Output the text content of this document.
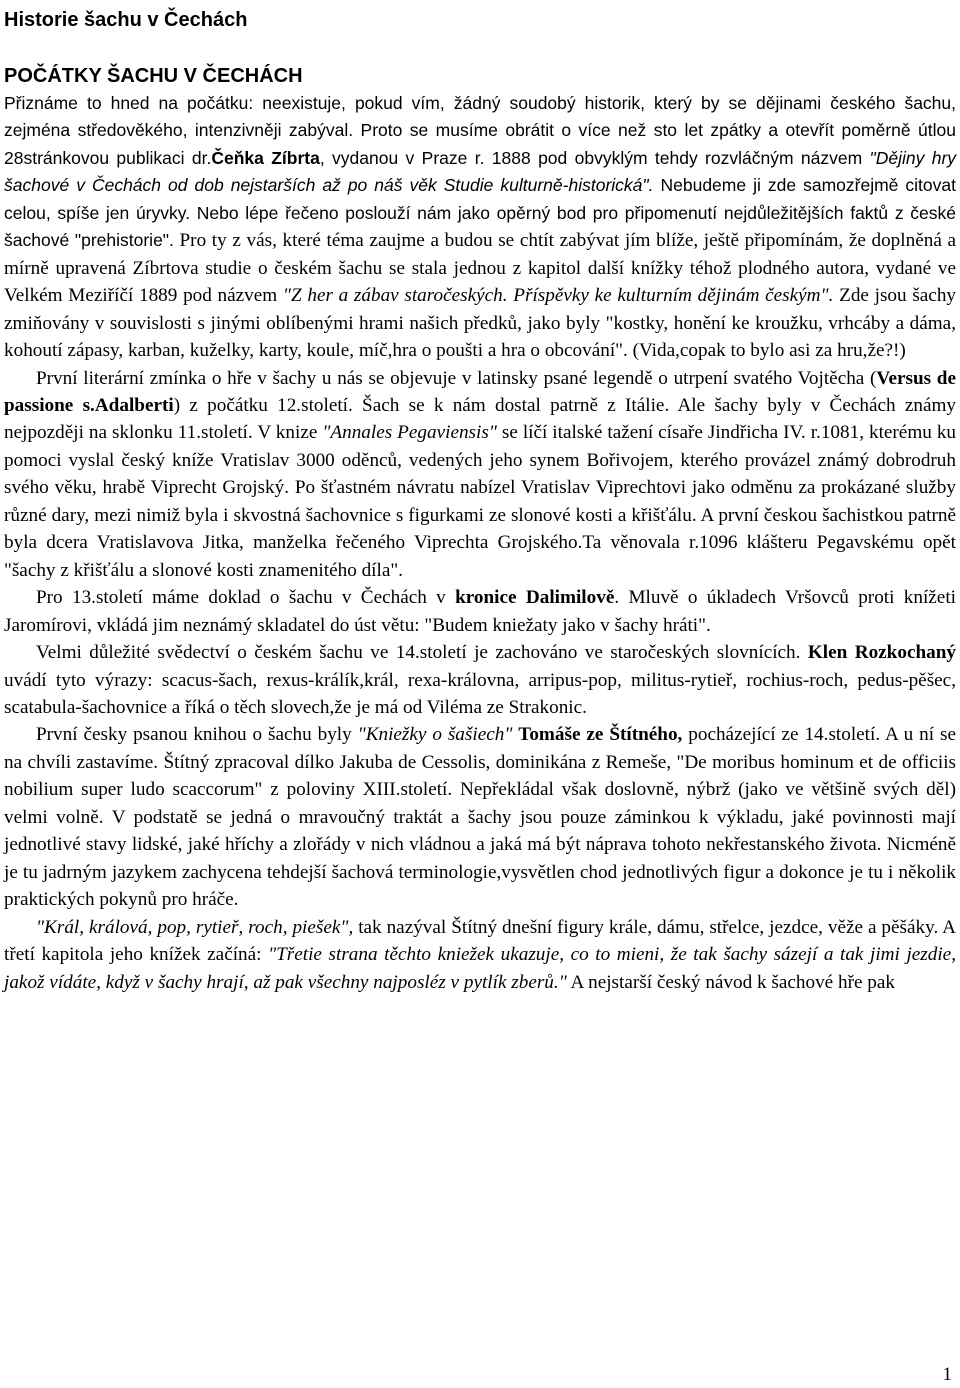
Historie šachu v Čechách
POČÁTKY ŠACHU V ČECHÁCH

Přiznáme to hned na počátku: neexistuje, pokud vím, žádný soudobý historik, který by se dějinami českého šachu, zejména středověkého, intenzivněji zabýval. Proto se musíme obrátit o více než sto let zpátky a otevřít poměrně útlou 28stránkovou publikaci dr.Čeňka Zíbrta, vydanou v Praze r. 1888 pod obvyklým tehdy rozvláčným názvem "Dějiny hry šachové v Čechách od dob nejstarších až po náš věk Studie kulturně-historická". Nebudeme ji zde samozřejmě citovat celou, spíše jen úryvky. Nebo lépe řečeno poslouží nám jako opěrný bod pro připomenutí nejdůležitějších faktů z české šachové "prehistorie". Pro ty z vás, které téma zaujme a budou se chtít zabývat jím blíže, ještě připomínám, že doplněná a mírně upravená Zíbrtova studie o českém šachu se stala jednou z kapitol další knížky téhož plodného autora, vydané ve Velkém Meziříčí 1889 pod názvem "Z her a zábav staročeských. Příspěvky ke kulturním dějinám českým". Zde jsou šachy zmiňovány v souvislosti s jinými oblíbenými hrami našich předků, jako byly "kostky, honění ke kroužku, vrhcáby a dáma, kohoutí zápasy, karban, kuželky, karty, koule, míč,hra o poušti a hra o obcování". (Vida,copak to bylo asi za hru,že?!)

První literární zmínka o hře v šachy u nás se objevuje v latinsky psané legendě o utrpení svatého Vojtěcha (Versus de passione s.Adalberti) z počátku 12.století. Šach se k nám dostal patrně z Itálie. Ale šachy byly v Čechách známy nejpozději na sklonku 11.století. V knize "Annales Pegaviensis" se líčí italské tažení císaře Jindřicha IV. r.1081, kterému ku pomoci vyslal český kníže Vratislav 3000 oděnců, vedených jeho synem Bořivojem, kterého provázel známý dobrodruh svého věku, hrabě Viprecht Grojský. Po šťastném návratu nabízel Vratislav Viprechtovi jako odměnu za prokázané služby různé dary, mezi nimiž byla i skvostná šachovnice s figurkami ze slonové kosti a křišťálu. A první českou šachistkou patrně byla dcera Vratislavova Jitka, manželka řečeného Viprechta Grojského.Ta věnovala r.1096 klášteru Pegavskému opět "šachy z křišťálu a slonové kosti znamenitého díla".

Pro 13.století máme doklad o šachu v Čechách v kronice Dalimilově. Mluvě o úkladech Vršovců proti knížeti Jaromírovi, vkládá jim neznámý skladatel do úst větu: "Budem kniežaty jako v šachy hráti".

Velmi důležité svědectví o českém šachu ve 14.století je zachováno ve staročeských slovnících. Klen Rozkochaný uvádí tyto výrazy: scacus-šach, rexus-králík,král, rexa-královna, arripus-pop, militus-rytieř, rochius-roch, pedus-pěšec, scatabula-šachovnice a říká o těch slovech,že je má od Viléma ze Strakonic.

První česky psanou knihou o šachu byly "Kniežky o šašiech" Tomáše ze Štítného, pocházející ze 14.století. A u ní se na chvíli zastavíme. Štítný zpracoval dílko Jakuba de Cessolis, dominikána z Remeše, "De moribus hominum et de officiis nobilium super ludo scaccorum" z poloviny XIII.století. Nepřekládal však doslovně, nýbrž (jako ve většině svých děl) velmi volně. V podstatě se jedná o mravoučný traktát a šachy jsou pouze záminkou k výkladu, jaké povinnosti mají jednotlivé stavy lidské, jaké hříchy a zlořády v nich vládnou a jaká má být náprava tohoto nekřestanského života. Nicméně je tu jadrným jazykem zachycena tehdejší šachová terminologie,vysvětlen chod jednotlivých figur a dokonce je tu i několik praktických pokynů pro hráče.

"Král, králová, pop, rytieř, roch, piešek", tak nazýval Štítný dnešní figury krále, dámu, střelce, jezdce, věže a pěšáky. A třetí kapitola jeho knížek začíná: "Třetie strana těchto kniežek ukazuje, co to mieni, že tak šachy sázejí a tak jimi jezdie, jakož vídáte, když v šachy hrají, až pak všechny najposléz v pytlík zberů." A nejstarší český návod k šachové hře pak

1
